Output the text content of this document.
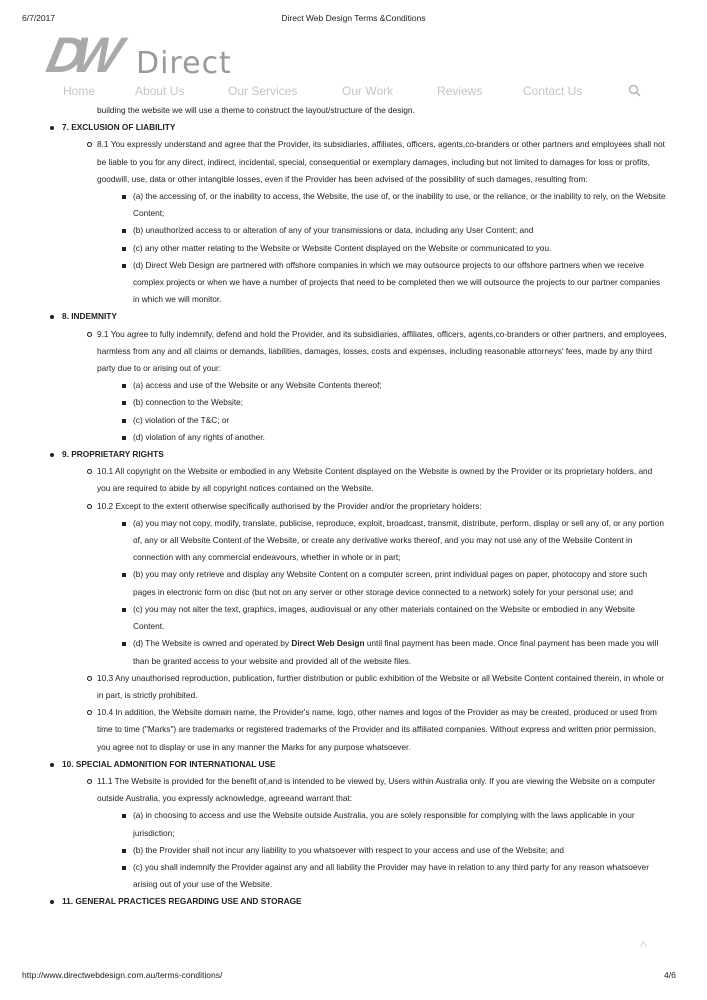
6/7/2017	Direct Web Design Terms &Conditions
DW Direct
Home	About Us	Our Services	Our Work	Reviews	Contact Us
building the website we will use a theme to construct the layout/structure of the design.
7. EXCLUSION OF LIABILITY
8.1 You expressly understand and agree that the Provider, its subsidiaries, affiliates, officers, agents,co-branders or other partners and employees shall not be liable to you for any direct, indirect, incidental, special, consequential or exemplary damages, including but not limited to damages for loss or profits, goodwill, use, data or other intangible losses, even if the Provider has been advised of the possibility of such damages, resulting from:
(a) the accessing of, or the inability to access, the Website, the use of, or the inability to use, or the reliance, or the inability to rely, on the Website Content;
(b) unauthorized access to or alteration of any of your transmissions or data, including any User Content; and
(c) any other matter relating to the Website or Website Content displayed on the Website or communicated to you.
(d) Direct Web Design are partnered with offshore companies in which we may outsource projects to our offshore partners when we receive complex projects or when we have a number of projects that need to be completed then we will outsource the projects to our partner companies in which we will monitor.
8. INDEMNITY
9.1 You agree to fully indemnify, defend and hold the Provider, and its subsidiaries, affiliates, officers, agents,co-branders or other partners, and employees, harmless from any and all claims or demands, liabilities, damages, losses, costs and expenses, including reasonable attorneys' fees, made by any third party due to or arising out of your:
(a) access and use of the Website or any Website Contents thereof;
(b) connection to the Website;
(c) violation of the T&C; or
(d) violation of any rights of another.
9. PROPRIETARY RIGHTS
10.1 All copyright on the Website or embodied in any Website Content displayed on the Website is owned by the Provider or its proprietary holders, and you are required to abide by all copyright notices contained on the Website.
10.2 Except to the extent otherwise specifically authorised by the Provider and/or the proprietary holders:
(a) you may not copy, modify, translate, publicise, reproduce, exploit, broadcast, transmit, distribute, perform, display or sell any of, or any portion of, any or all Website Content of the Website, or create any derivative works thereof, and you may not use any of the Website Content in connection with any commercial endeavours, whether in whole or in part;
(b) you may only retrieve and display any Website Content on a computer screen, print individual pages on paper, photocopy and store such pages in electronic form on disc (but not on any server or other storage device connected to a network) solely for your personal use; and
(c) you may not alter the text, graphics, images, audiovisual or any other materials contained on the Website or embodied in any Website Content.
(d) The Website is owned and operated by Direct Web Design until final payment has been made. Once final payment has been made you will than be granted access to your website and provided all of the website files.
10.3 Any unauthorised reproduction, publication, further distribution or public exhibition of the Website or all Website Content contained therein, in whole or in part, is strictly prohibited.
10.4 In addition, the Website domain name, the Provider's name, logo, other names and logos of the Provider as may be created, produced or used from time to time ("Marks") are trademarks or registered trademarks of the Provider and its affiliated companies. Without express and written prior permission, you agree not to display or use in any manner the Marks for any purpose whatsoever.
10. SPECIAL ADMONITION FOR INTERNATIONAL USE
11.1 The Website is provided for the benefit of,and is intended to be viewed by, Users within Australia only. If you are viewing the Website on a computer outside Australia, you expressly acknowledge, agreeand warrant that:
(a) in choosing to access and use the Website outside Australia, you are solely responsible for complying with the laws applicable in your jurisdiction;
(b) the Provider shall not incur any liability to you whatsoever with respect to your access and use of the Website; and
(c) you shall indemnify the Provider against any and all liability the Provider may have in relation to any third party for any reason whatsoever arising out of your use of the Website.
11. GENERAL PRACTICES REGARDING USE AND STORAGE
^
http://www.directwebdesign.com.au/terms-conditions/	4/6
